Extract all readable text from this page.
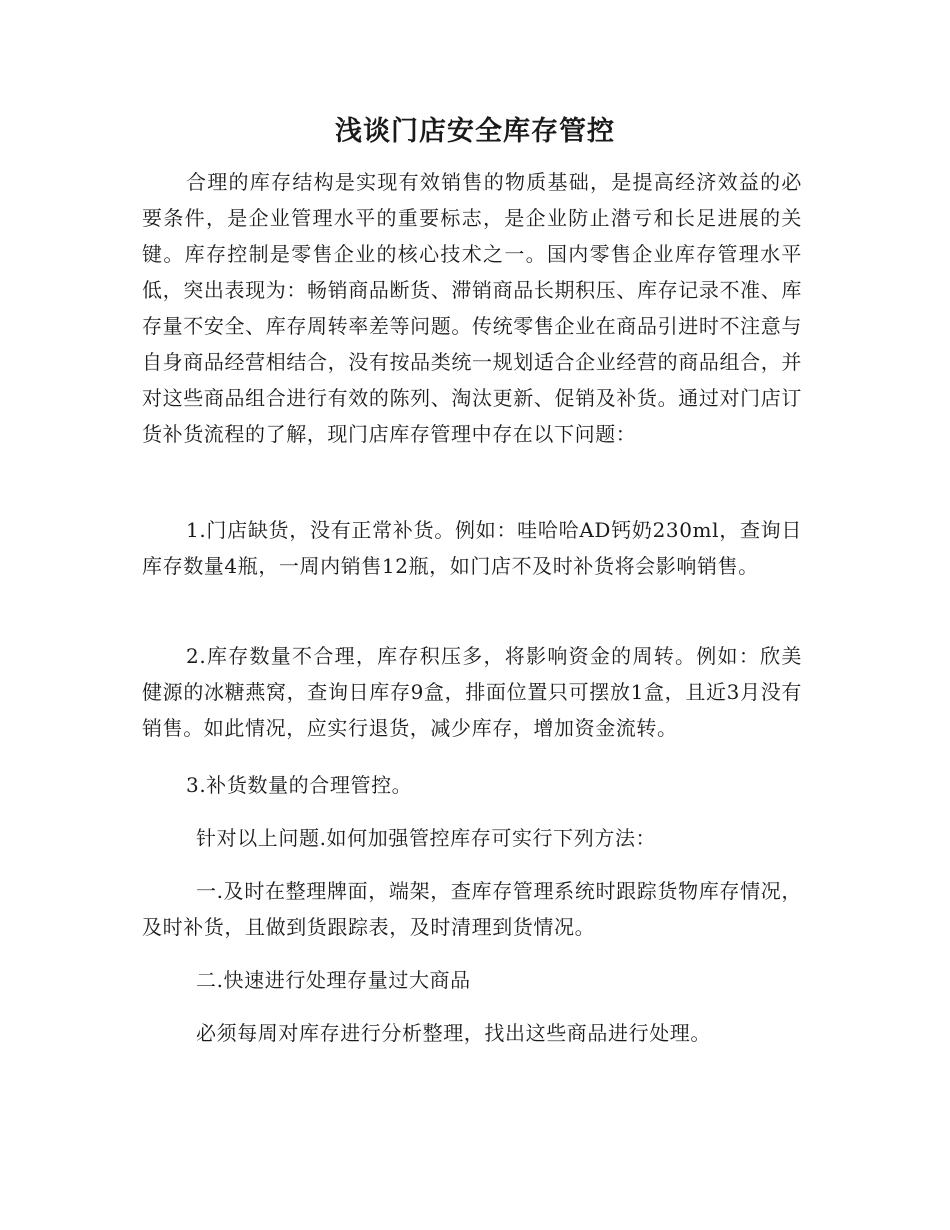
浅谈门店安全库存管控

合理的库存结构是实现有效销售的物质基础，是提高经济效益的必要条件，是企业管理水平的重要标志，是企业防止潜亏和长足进展的关键。库存控制是零售企业的核心技术之一。国内零售企业库存管理水平低，突出表现为：畅销商品断货、滞销商品长期积压、库存记录不准、库存量不安全、库存周转率差等问题。传统零售企业在商品引进时不注意与自身商品经营相结合，没有按品类统一规划适合企业经营的商品组合，并对这些商品组合进行有效的陈列、淘汰更新、促销及补货。通过对门店订货补货流程的了解，现门店库存管理中存在以下问题：

1.门店缺货，没有正常补货。例如：哇哈哈AD钙奶230ml，查询日库存数量4瓶，一周内销售12瓶，如门店不及时补货将会影响销售。

2.库存数量不合理，库存积压多，将影响资金的周转。例如：欣美健源的冰糖燕窝，查询日库存9盒，排面位置只可摆放1盒，且近3月没有销售。如此情况，应实行退货，减少库存，增加资金流转。

3.补货数量的合理管控。

针对以上问题.如何加强管控库存可实行下列方法：

一.及时在整理牌面，端架，查库存管理系统时跟踪货物库存情况，及时补货，且做到货跟踪表，及时清理到货情况。

二.快速进行处理存量过大商品

必须每周对库存进行分析整理，找出这些商品进行处理。
